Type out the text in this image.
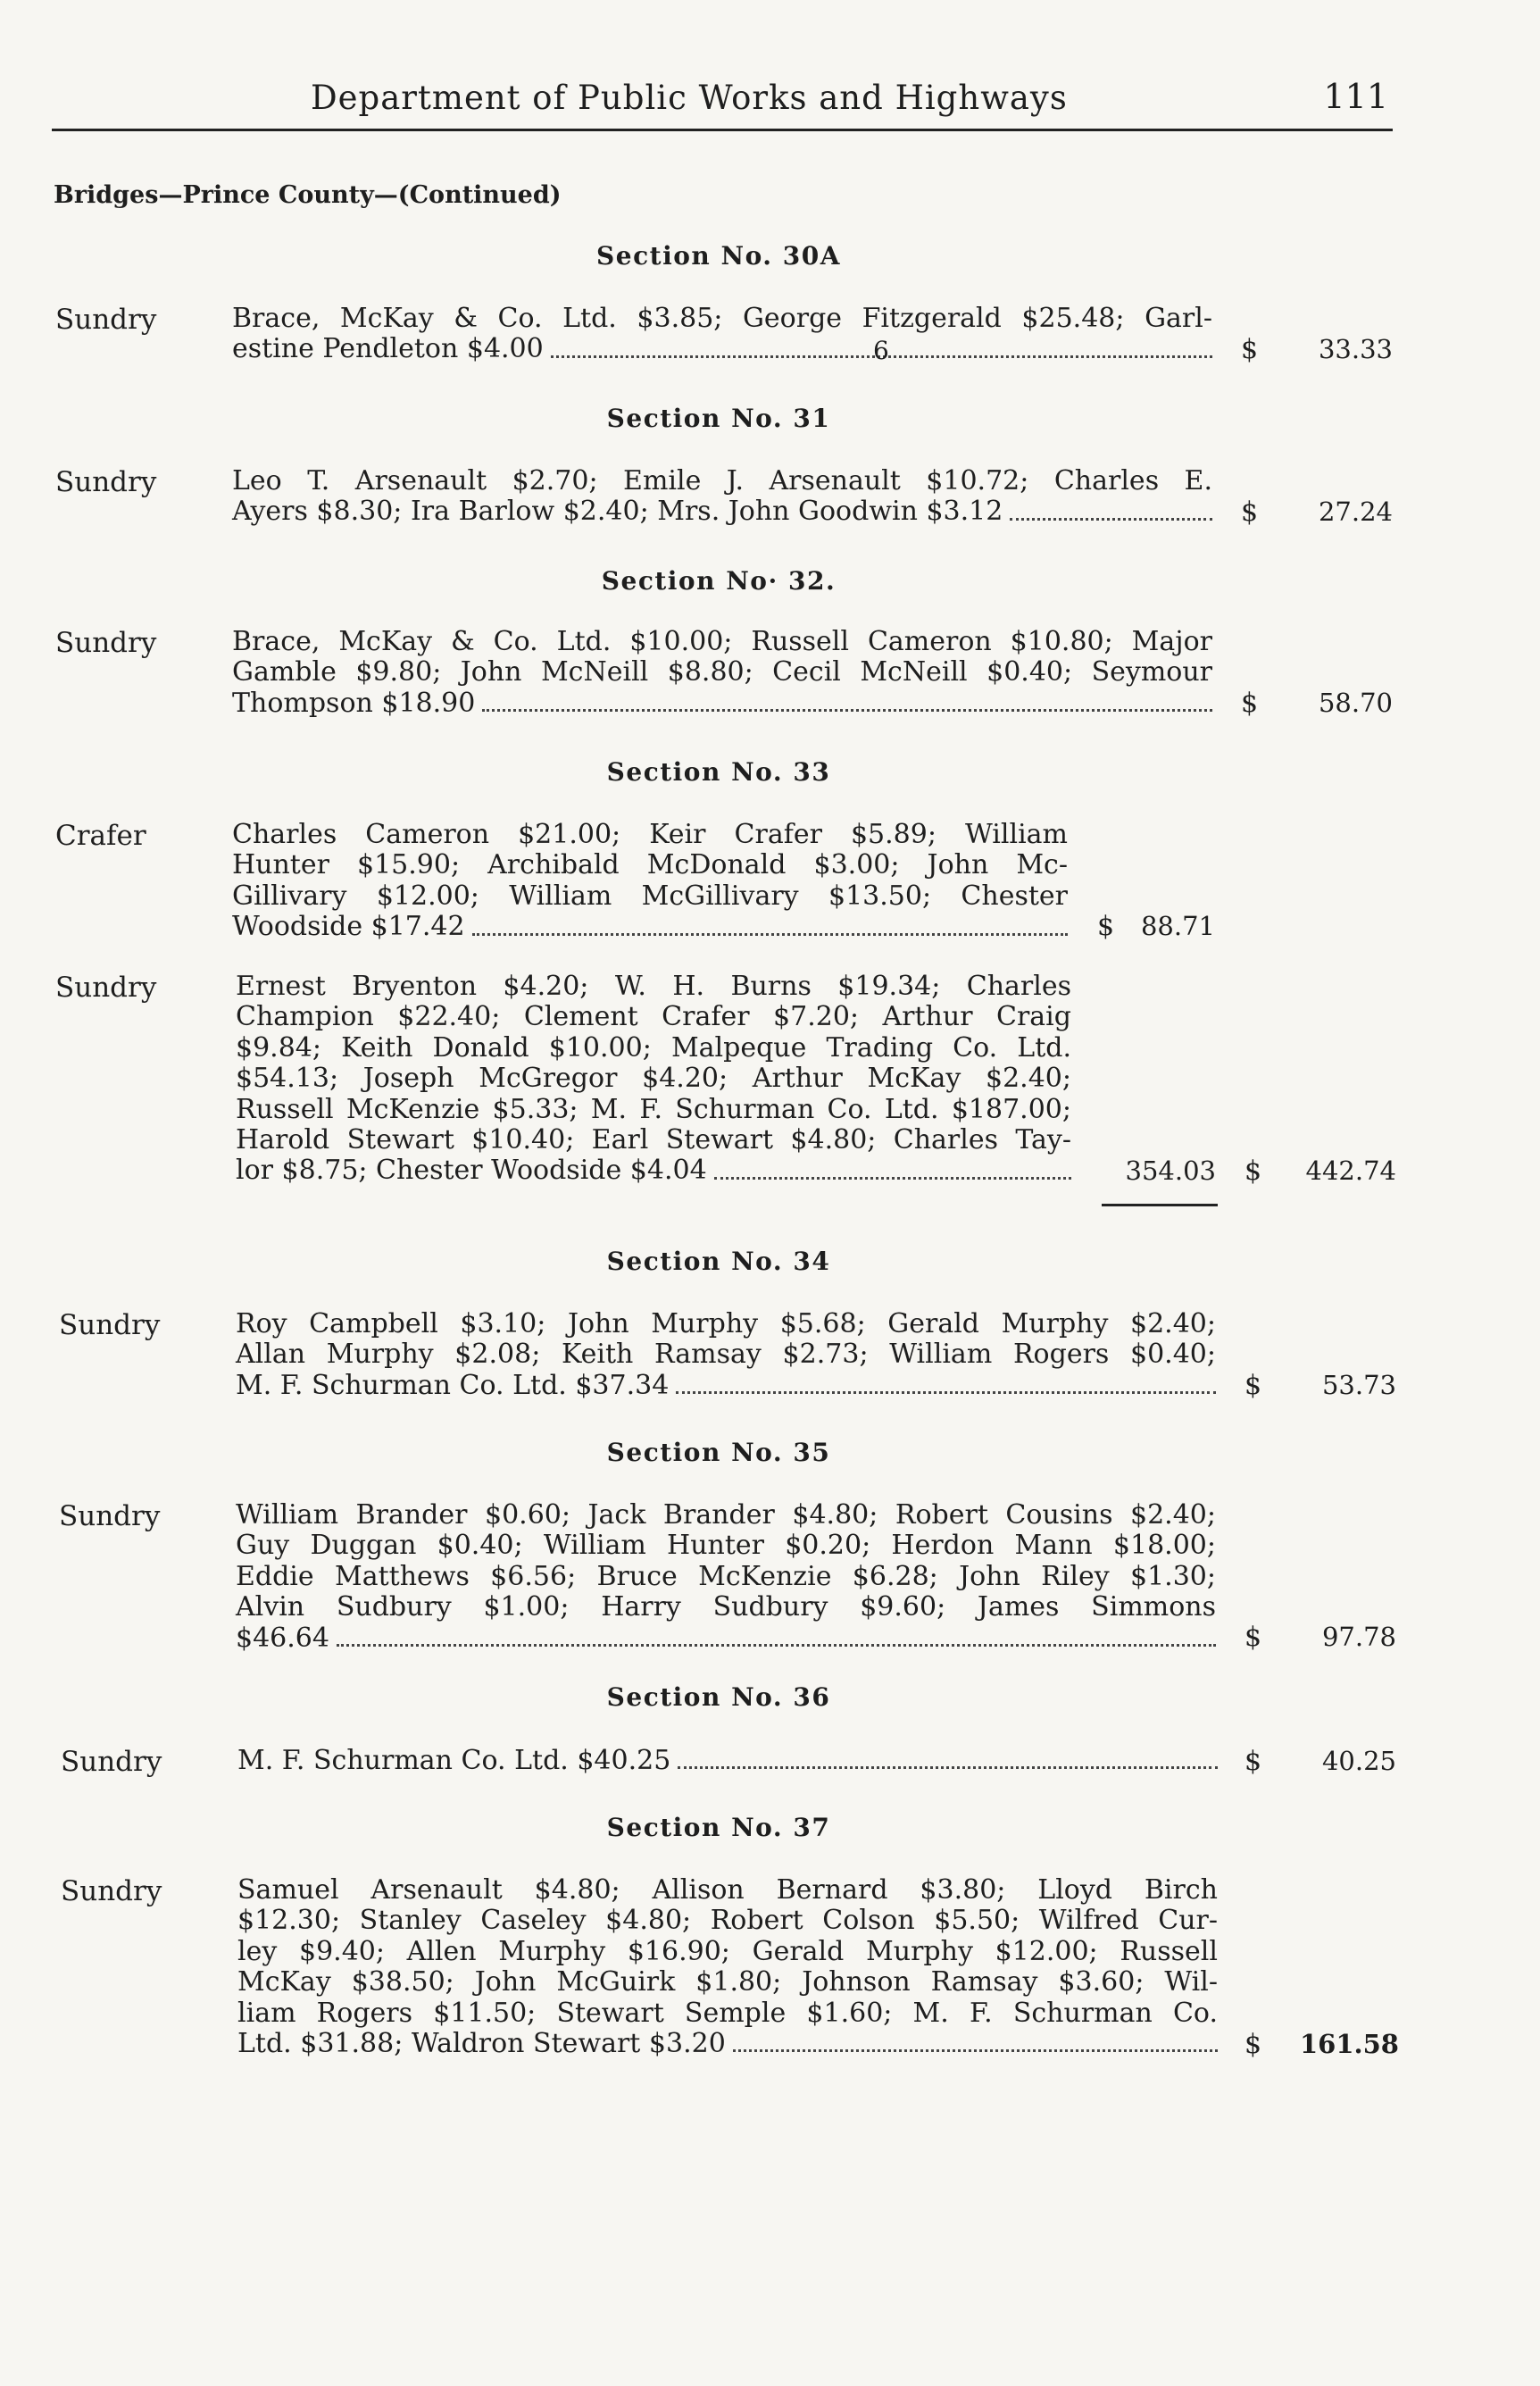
Department of Public Works and Highways	111
Bridges—Prince County—(Continued)
Section No. 30A
Sundry	Brace, McKay & Co. Ltd. $3.85; George Fitzgerald $25.48; Garl-
estine Pendleton $4.00	6	$ 33.33
Section No. 31
Sundry	Leo T. Arsenault $2.70; Emile J. Arsenault $10.72; Charles E.
Ayers $8.30; Ira Barlow $2.40; Mrs. John Goodwin $3.12	$ 27.24
Section No· 32.
Sundry	Brace, McKay & Co. Ltd. $10.00; Russell Cameron $10.80; Major
Gamble $9.80; John McNeill $8.80; Cecil McNeill $0.40; Seymour
Thompson $18.90	$ 58.70
Section No. 33
Crafer	Charles Cameron $21.00; Keir Crafer $5.89; William
Hunter $15.90; Archibald McDonald $3.00; John Mc-
Gillivary $12.00; William McGillivary $13.50; Chester
Woodside $17.42	$ 88.71
Sundry	Ernest Bryenton $4.20; W. H. Burns $19.34; Charles
Champion $22.40; Clement Crafer $7.20; Arthur Craig
$9.84; Keith Donald $10.00; Malpeque Trading Co. Ltd.
$54.13; Joseph McGregor $4.20; Arthur McKay $2.40;
Russell McKenzie $5.33; M. F. Schurman Co. Ltd. $187.00;
Harold Stewart $10.40; Earl Stewart $4.80; Charles Tay-
lor $8.75; Chester Woodside $4.04	354.03 $ 442.74
Section No. 34
Sundry	Roy Campbell $3.10; John Murphy $5.68; Gerald Murphy $2.40;
Allan Murphy $2.08; Keith Ramsay $2.73; William Rogers $0.40;
M. F. Schurman Co. Ltd. $37.34	$ 53.73
Section No. 35
Sundry	William Brander $0.60; Jack Brander $4.80; Robert Cousins $2.40;
Guy Duggan $0.40; William Hunter $0.20; Herdon Mann $18.00;
Eddie Matthews $6.56; Bruce McKenzie $6.28; John Riley $1.30;
Alvin Sudbury $1.00; Harry Sudbury $9.60; James Simmons
$46.64	$ 97.78
Section No. 36
Sundry	M. F. Schurman Co. Ltd. $40.25	$ 40.25
Section No. 37
Sundry	Samuel Arsenault $4.80; Allison Bernard $3.80; Lloyd Birch
$12.30; Stanley Caseley $4.80; Robert Colson $5.50; Wilfred Cur-
ley $9.40; Allen Murphy $16.90; Gerald Murphy $12.00; Russell
McKay $38.50; John McGuirk $1.80; Johnson Ramsay $3.60; Wil-
liam Rogers $11.50; Stewart Semple $1.60; M. F. Schurman Co.
Ltd. $31.88; Waldron Stewart $3.20	$ 161.58
